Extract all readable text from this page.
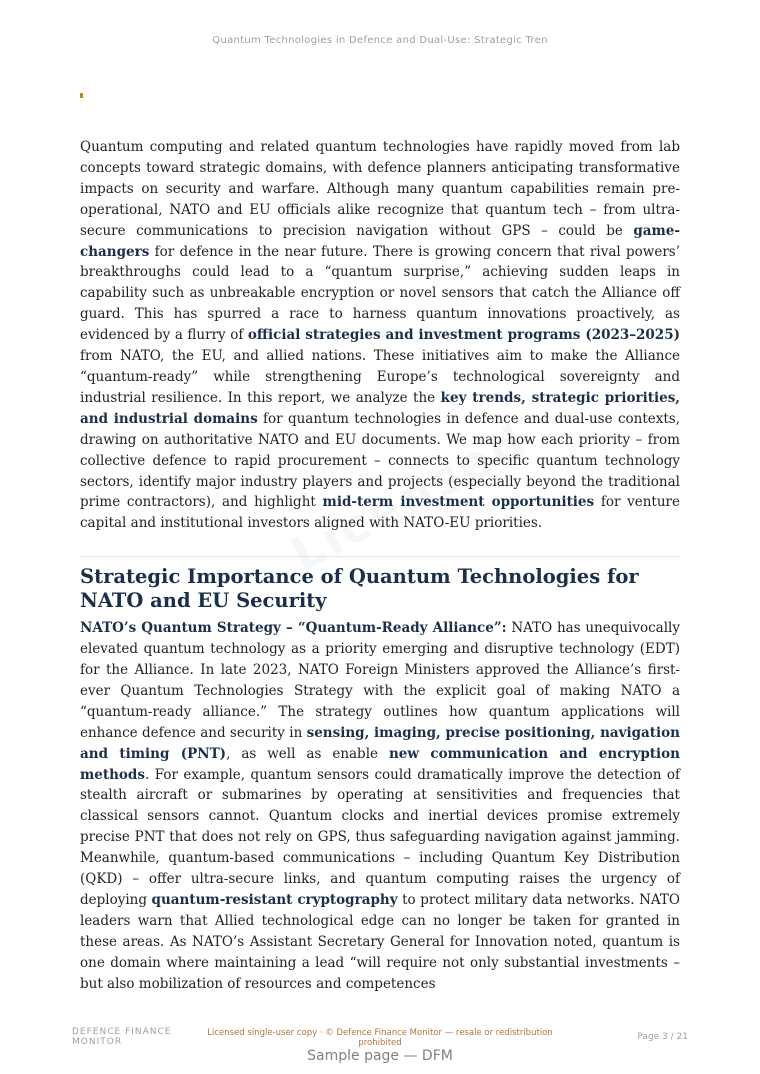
Quantum Technologies in Defence and Dual-Use: Strategic Tren

Quantum computing and related quantum technologies have rapidly moved from lab concepts toward strategic domains, with defence planners anticipating transformative impacts on security and warfare. Although many quantum capabilities remain pre-operational, NATO and EU officials alike recognize that quantum tech – from ultra-secure communications to precision navigation without GPS – could be game-changers for defence in the near future. There is growing concern that rival powers’ breakthroughs could lead to a “quantum surprise,” achieving sudden leaps in capability such as unbreakable encryption or novel sensors that catch the Alliance off guard. This has spurred a race to harness quantum innovations proactively, as evidenced by a flurry of official strategies and investment programs (2023–2025) from NATO, the EU, and allied nations. These initiatives aim to make the Alliance “quantum-ready” while strengthening Europe’s technological sovereignty and industrial resilience. In this report, we analyze the key trends, strategic priorities, and industrial domains for quantum technologies in defence and dual-use contexts, drawing on authoritative NATO and EU documents. We map how each priority – from collective defence to rapid procurement – connects to specific quantum technology sectors, identify major industry players and projects (especially beyond the traditional prime contractors), and highlight mid-term investment opportunities for venture capital and institutional investors aligned with NATO-EU priorities.

Strategic Importance of Quantum Technologies for NATO and EU Security

NATO’s Quantum Strategy – “Quantum-Ready Alliance”: NATO has unequivocally elevated quantum technology as a priority emerging and disruptive technology (EDT) for the Alliance. In late 2023, NATO Foreign Ministers approved the Alliance’s first-ever Quantum Technologies Strategy with the explicit goal of making NATO a “quantum-ready alliance.” The strategy outlines how quantum applications will enhance defence and security in sensing, imaging, precise positioning, navigation and timing (PNT), as well as enable new communication and encryption methods. For example, quantum sensors could dramatically improve the detection of stealth aircraft or submarines by operating at sensitivities and frequencies that classical sensors cannot. Quantum clocks and inertial devices promise extremely precise PNT that does not rely on GPS, thus safeguarding navigation against jamming. Meanwhile, quantum-based communications – including Quantum Key Distribution (QKD) – offer ultra-secure links, and quantum computing raises the urgency of deploying quantum-resistant cryptography to protect military data networks. NATO leaders warn that Allied technological edge can no longer be taken for granted in these areas. As NATO’s Assistant Secretary General for Innovation noted, quantum is one domain where maintaining a lead “will require not only substantial investments – but also mobilization of resources and competences

DEFENCE FINANCE MONITOR
Licensed single-user copy · © Defence Finance Monitor — resale or redistribution prohibited
Page 3 / 21
Sample page — DFM
